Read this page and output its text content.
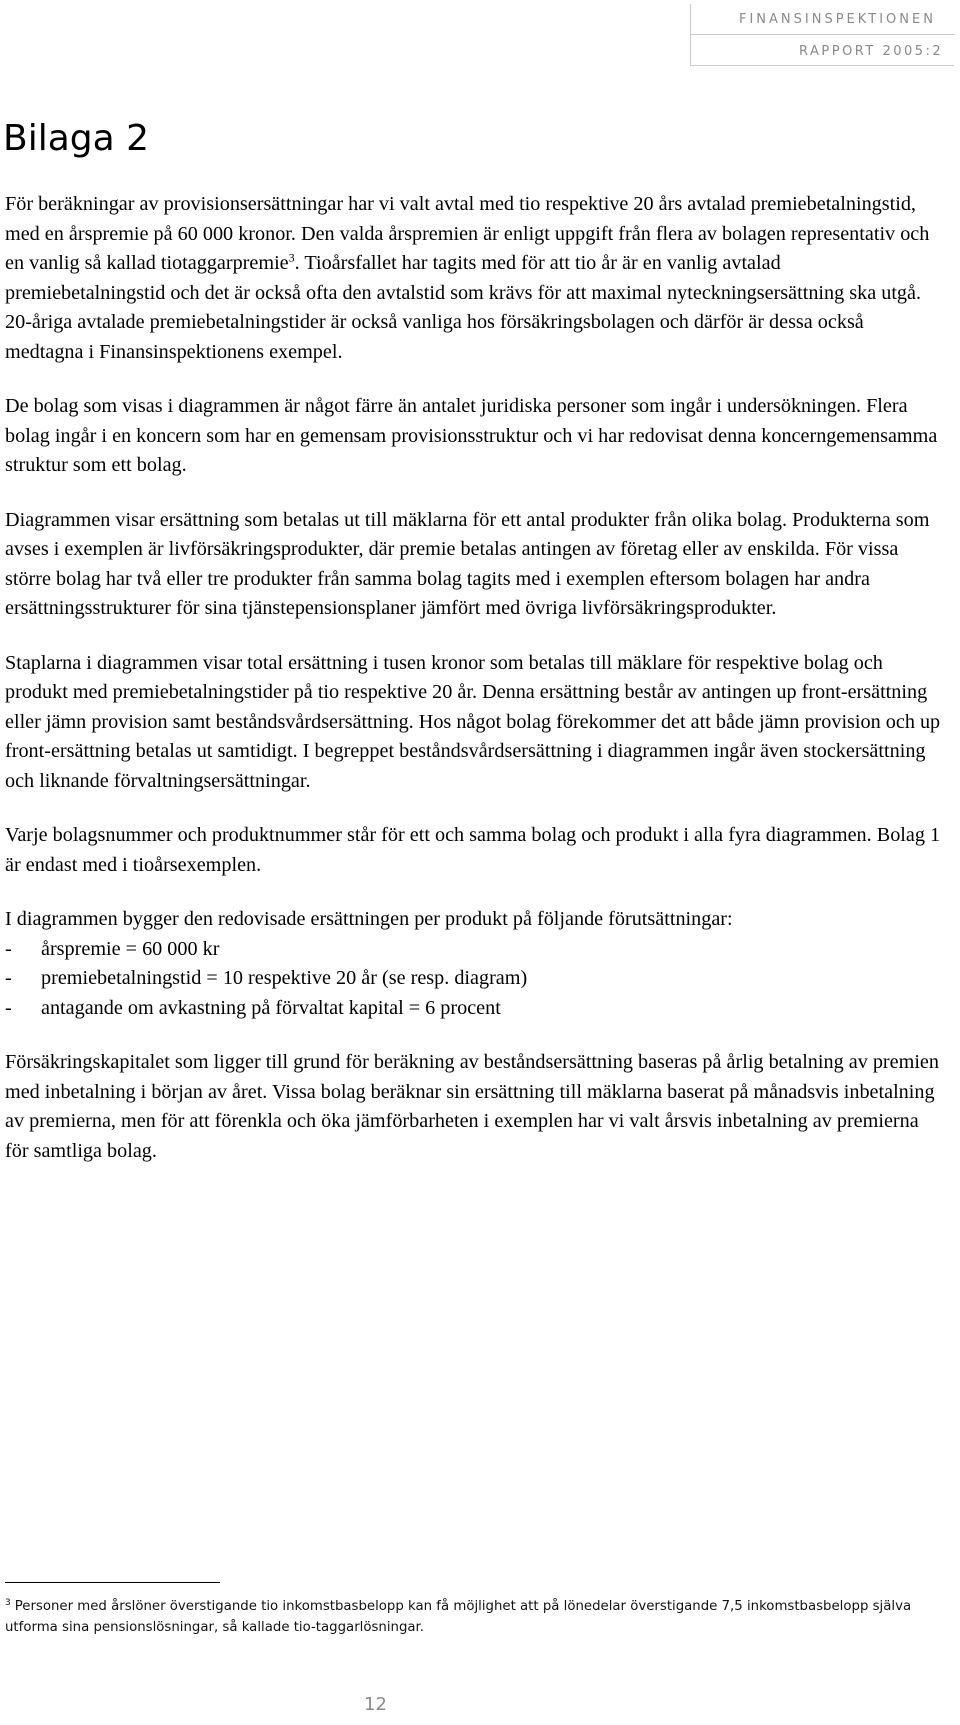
FINANSINSPEKTIONEN
RAPPORT 2005:2
Bilaga 2

För beräkningar av provisionsersättningar har vi valt avtal med tio respektive 20 års avtalad premiebetalningstid, med en årspremie på 60 000 kronor. Den valda årspremien är enligt uppgift från flera av bolagen representativ och en vanlig så kallad tiotaggarpremie$^3$. Tioårsfallet har tagits med för att tio år är en vanlig avtalad premiebetalningstid och det är också ofta den avtalstid som krävs för att maximal nyteckningsersättning ska utgå. 20-åriga avtalade premiebetalningstider är också vanliga hos försäkringsbolagen och därför är dessa också medtagna i Finansinspektionens exempel.

De bolag som visas i diagrammen är något färre än antalet juridiska personer som ingår i undersökningen. Flera bolag ingår i en koncern som har en gemensam provisionsstruktur och vi har redovisat denna koncerngemensamma struktur som ett bolag.

Diagrammen visar ersättning som betalas ut till mäklarna för ett antal produkter från olika bolag. Produkterna som avses i exemplen är livförsäkringsprodukter, där premie betalas antingen av företag eller av enskilda. För vissa större bolag har två eller tre produkter från samma bolag tagits med i exemplen eftersom bolagen har andra ersättningsstrukturer för sina tjänstepensionsplaner jämfört med övriga livförsäkringsprodukter.

Staplarna i diagrammen visar total ersättning i tusen kronor som betalas till mäklare för respektive bolag och produkt med premiebetalningstider på tio respektive 20 år. Denna ersättning består av antingen up front-ersättning eller jämn provision samt beståndsvårdsersättning. Hos något bolag förekommer det att både jämn provision och up front-ersättning betalas ut samtidigt. I begreppet beståndsvårdsersättning i diagrammen ingår även stockersättning och liknande förvaltningsersättningar.

Varje bolagsnummer och produktnummer står för ett och samma bolag och produkt i alla fyra diagrammen. Bolag 1 är endast med i tioårsexemplen.

I diagrammen bygger den redovisade ersättningen per produkt på följande förutsättningar:

-	årspremie = 60 000 kr
-	premiebetalningstid = 10 respektive 20 år (se resp. diagram)
-	antagande om avkastning på förvaltat kapital = 6 procent

Försäkringskapitalet som ligger till grund för beräkning av beståndsersättning baseras på årlig betalning av premien med inbetalning i början av året. Vissa bolag beräknar sin ersättning till mäklarna baserat på månadsvis inbetalning av premierna, men för att förenkla och öka jämförbarheten i exemplen har vi valt årsvis inbetalning av premierna för samtliga bolag.

$^3$ Personer med årslöner överstigande tio inkomstbasbelopp kan få möjlighet att på lönedelar överstigande 7,5 inkomstbasbelopp själva utforma sina pensionslösningar, så kallade tio-taggarlösningar.
12
